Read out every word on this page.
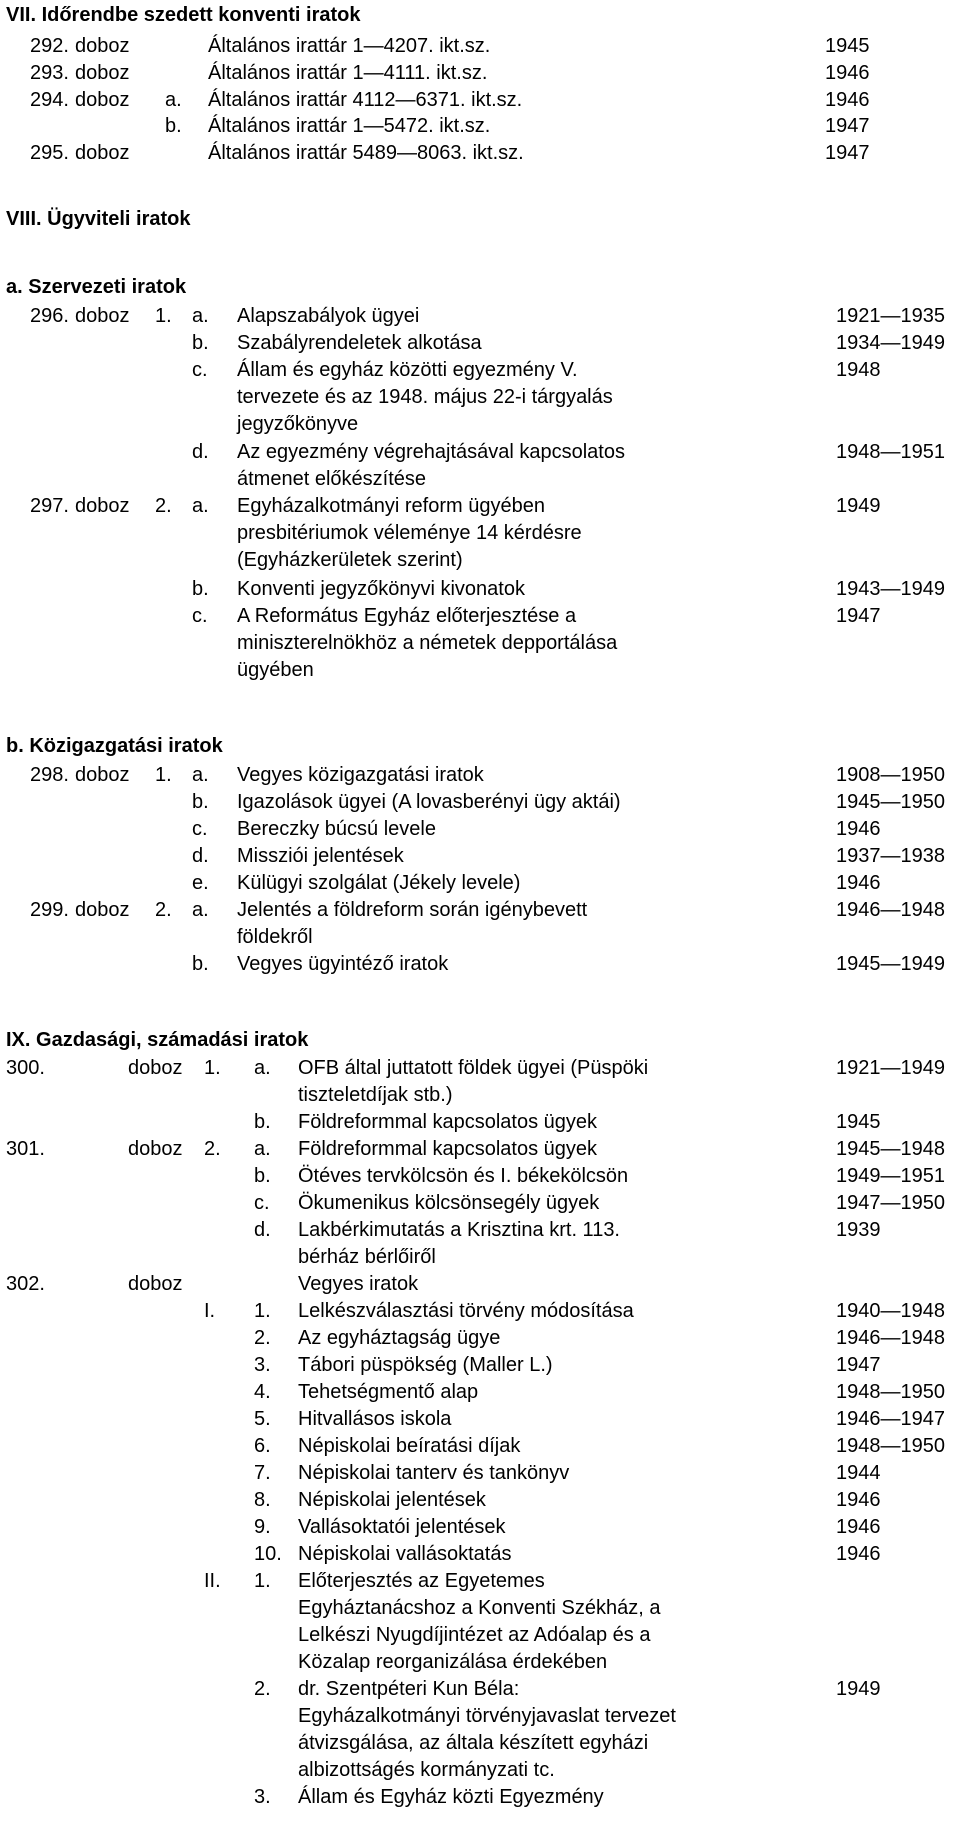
VII. Időrendbe szedett konventi iratok
VIII. Ügyviteli iratok
a. Szervezeti iratok
b. Közigazgatási iratok
IX. Gazdasági, számadási iratok
292. doboz	Általános irattár 1—4207. ikt.sz.	1945
293. doboz	Általános irattár 1—4111. ikt.sz.	1946
294. doboz a. Általános irattár 4112—6371. ikt.sz.	1946
b. Általános irattár 1—5472. ikt.sz.	1947
295. doboz	Általános irattár 5489—8063. ikt.sz.	1947
296. doboz 1. a. Alapszabályok ügyei	1921—1935
b. Szabályrendeletek alkotása	1934—1949
c. Állam és egyház közötti egyezmény V.	1948
tervezete és az 1948. május 22-i tárgyalás
jegyzőkönyve
d. Az egyezmény végrehajtásával kapcsolatos	1948—1951
átmenet előkészítése
297. doboz 2. a. Egyházalkotmányi reform ügyében	1949
presbitériumok véleménye 14 kérdésre
(Egyházkerületek szerint)
b. Konventi jegyzőkönyvi kivonatok	1943—1949
c. A Református Egyház előterjesztése a	1947
miniszterelnökhöz a németek depportálása
ügyében
298. doboz 1. a. Vegyes közigazgatási iratok	1908—1950
b. Igazolások ügyei (A lovasberényi ügy aktái)	1945—1950
c. Bereczky búcsú levele	1946
d. Missziói jelentések	1937—1938
e. Külügyi szolgálat (Jékely levele)	1946
299. doboz 2. a. Jelentés a földreform során igénybevett	1946—1948
földekről
b. Vegyes ügyintéző iratok	1945—1949
300.	doboz 1. a. OFB által juttatott földek ügyei (Püspöki	1921—1949
tiszteletdíjak stb.)
b. Földreformmal kapcsolatos ügyek	1945
301.	doboz 2. a. Földreformmal kapcsolatos ügyek	1945—1948
b. Ötéves tervkölcsön és I. békekölcsön	1949—1951
c. Ökumenikus kölcsönsegély ügyek	1947—1950
d. Lakbérkimutatás a Krisztina krt. 113.	1939
bérház bérlőiről
302.	doboz	Vegyes iratok
I. 1. Lelkészválasztási törvény módosítása	1940—1948
2. Az egyháztagság ügye	1946—1948
3. Tábori püspökség (Maller L.)	1947
4. Tehetségmentő alap	1948—1950
5. Hitvallásos iskola	1946—1947
6. Népiskolai beíratási díjak	1948—1950
7. Népiskolai tanterv és tankönyv	1944
8. Népiskolai jelentések	1946
9. Vallásoktatói jelentések	1946
10. Népiskolai vallásoktatás	1946
II. 1. Előterjesztés az Egyetemes
Egyháztanácshoz a Konventi Székház, a
Lelkészi Nyugdíjintézet az Adóalap és a
Közalap reorganizálása érdekében
2. dr. Szentpéteri Kun Béla:	1949
Egyházalkotmányi törvényjavaslat tervezet
átvizsgálása, az általa készített egyházi
albizottságés kormányzati tc.
3. Állam és Egyház közti Egyezmény
